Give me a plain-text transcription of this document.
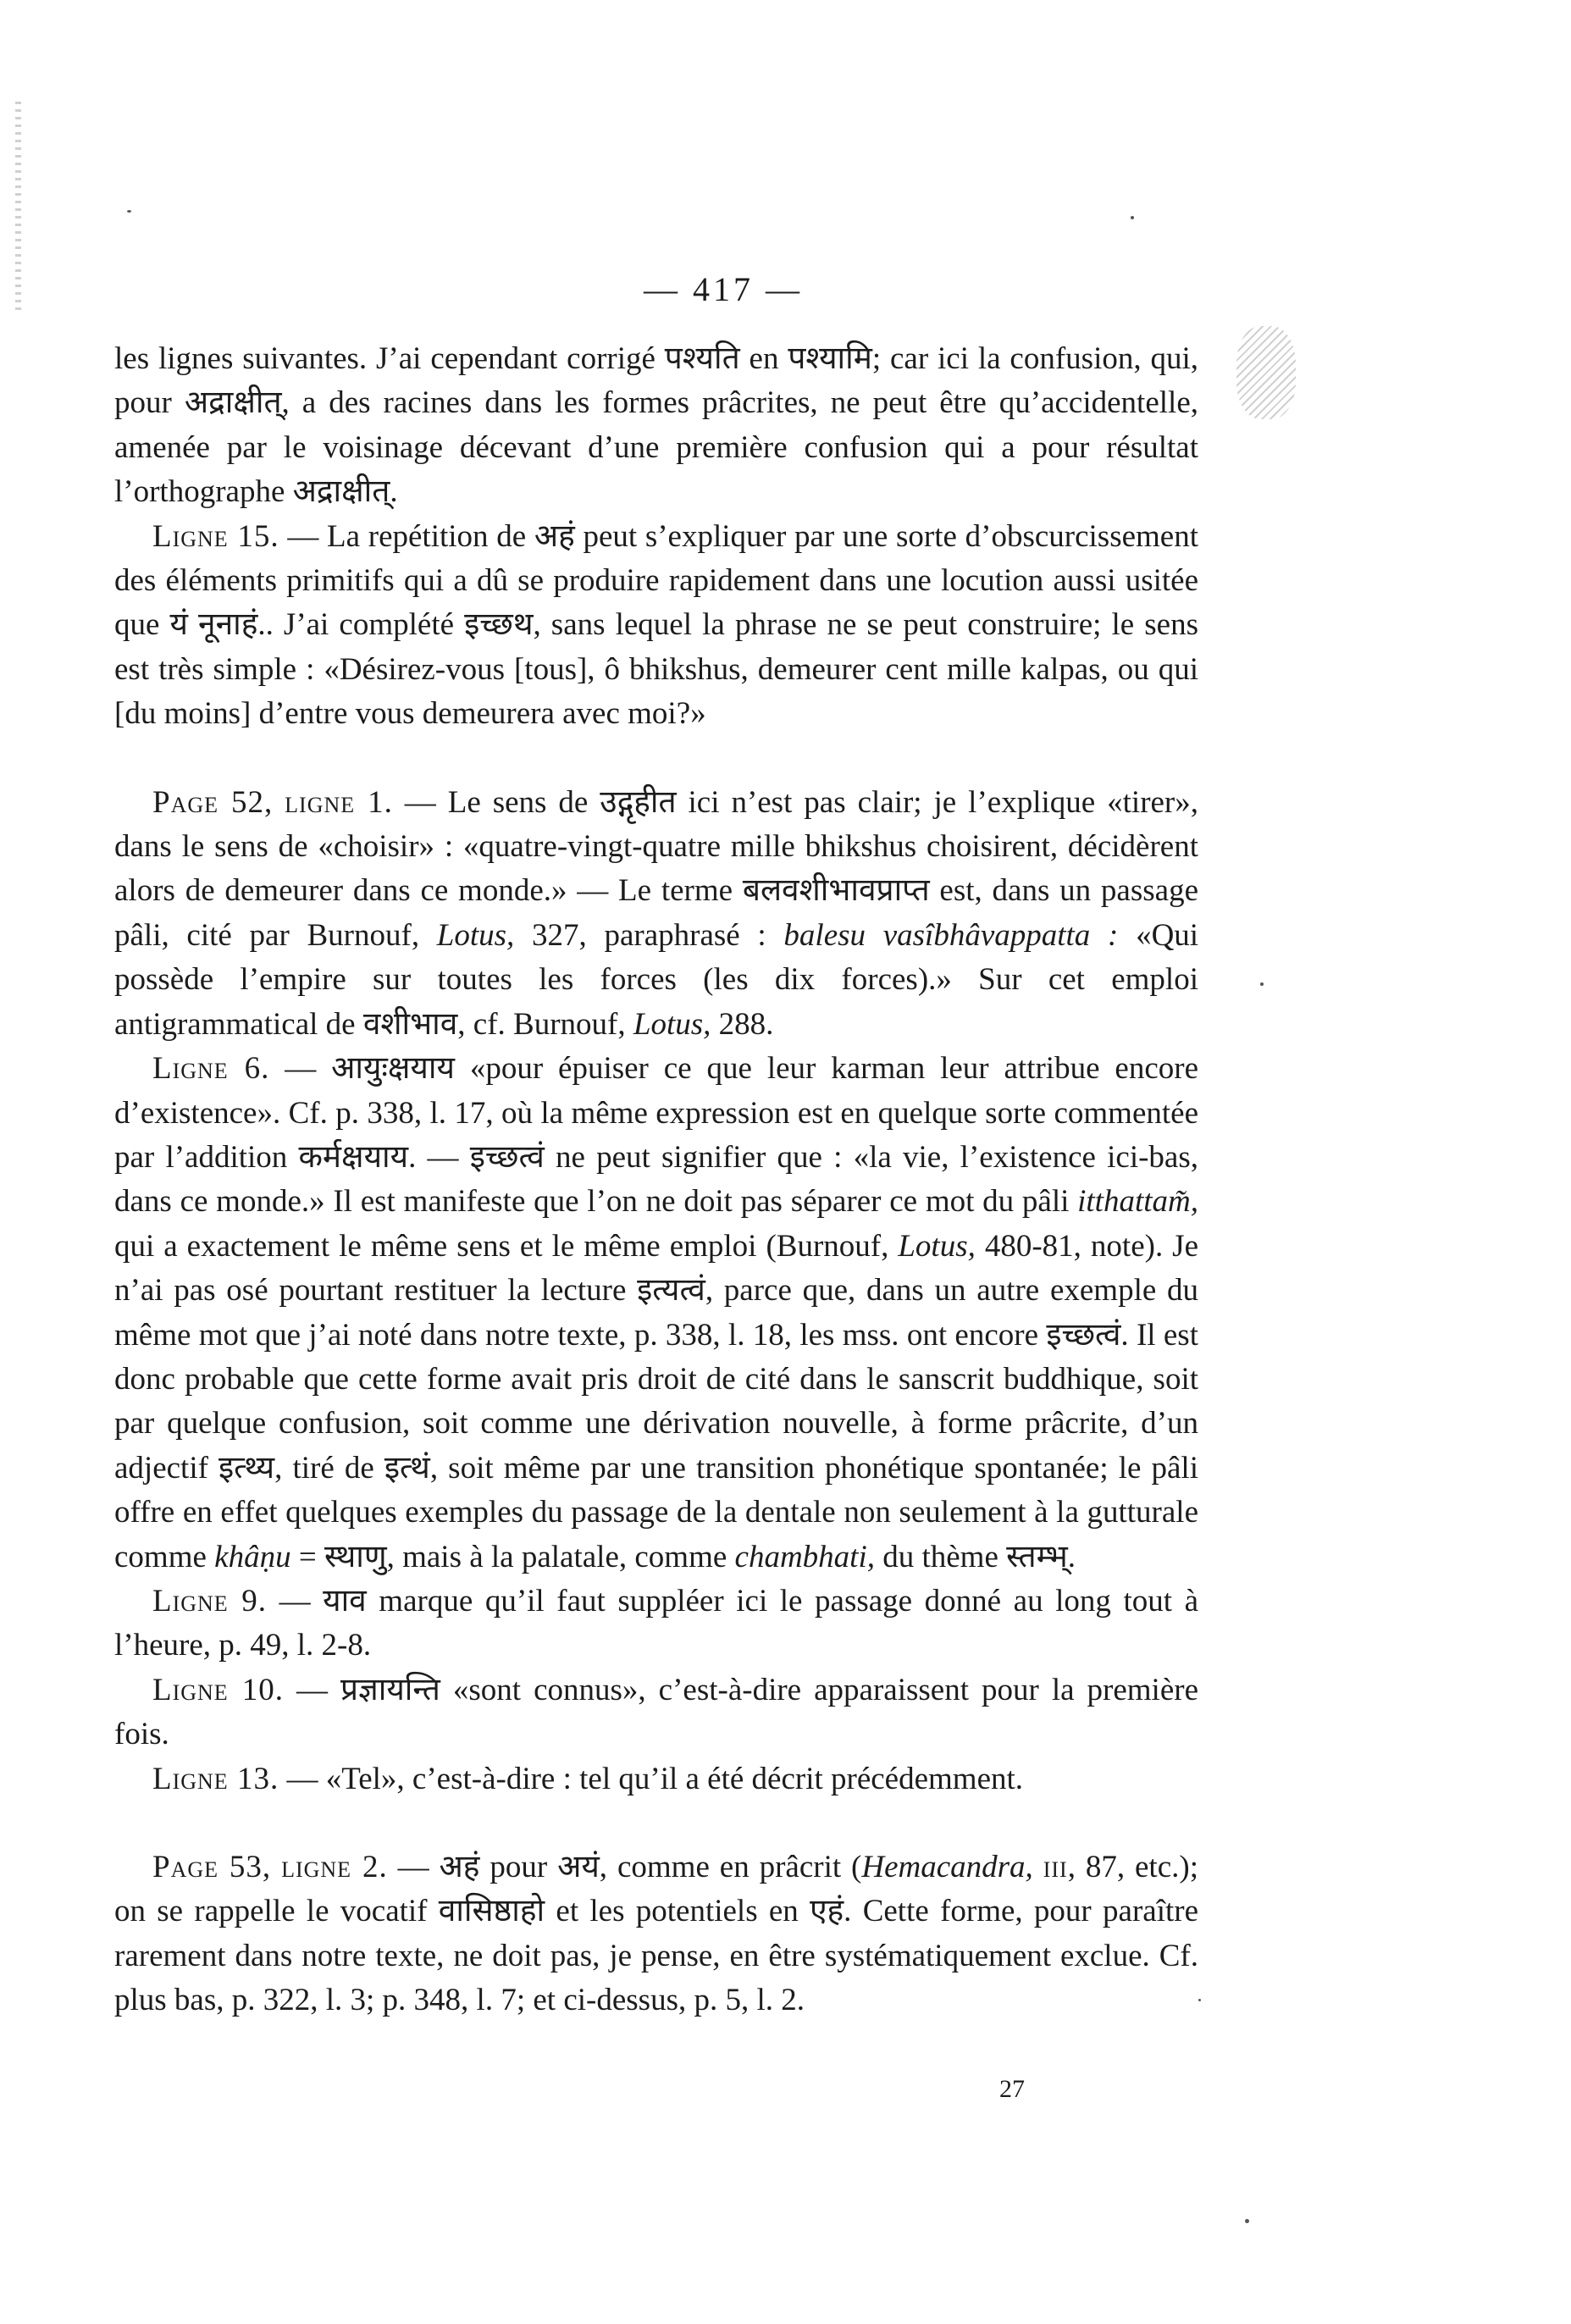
— 417 —

les lignes suivantes. J’ai cependant corrigé पश्यति en पश्यामि; car ici la confusion, qui, pour अद्राक्षीत्, a des racines dans les formes prâcrites, ne peut être qu’accidentelle, amenée par le voisinage décevant d’une première confusion qui a pour résultat l’orthographe अद्राक्षीत्.

Ligne 15. — La repétition de अहं peut s’expliquer par une sorte d’obscurcissement des éléments primitifs qui a dû se produire rapidement dans une locution aussi usitée que यं नूनाहं.. J’ai complété इच्छथ, sans lequel la phrase ne se peut construire; le sens est très simple : «Désirez-vous [tous], ô bhikshus, demeurer cent mille kalpas, ou qui [du moins] d’entre vous demeurera avec moi?»

Page 52, ligne 1. — Le sens de उद्गृहीत ici n’est pas clair; je l’explique «tirer», dans le sens de «choisir» : «quatre-vingt-quatre mille bhikshus choisirent, décidèrent alors de demeurer dans ce monde.» — Le terme बलवशीभावप्राप्त est, dans un passage pâli, cité par Burnouf, Lotus, 327, paraphrasé : balesu vasîbhâvappatta : «Qui possède l’empire sur toutes les forces (les dix forces).» Sur cet emploi antigrammatical de वशीभाव, cf. Burnouf, Lotus, 288.

Ligne 6. — आयुःक्षयाय «pour épuiser ce que leur karman leur attribue encore d’existence». Cf. p. 338, l. 17, où la même expression est en quelque sorte commentée par l’addition कर्मक्षयाय. — इच्छत्वं ne peut signifier que : «la vie, l’existence ici-bas, dans ce monde.» Il est manifeste que l’on ne doit pas séparer ce mot du pâli itthattam̃, qui a exactement le même sens et le même emploi (Burnouf, Lotus, 480-81, note). Je n’ai pas osé pourtant restituer la lecture इत्यत्वं, parce que, dans un autre exemple du même mot que j’ai noté dans notre texte, p. 338, l. 18, les mss. ont encore इच्छत्वं. Il est donc probable que cette forme avait pris droit de cité dans le sanscrit buddhique, soit par quelque confusion, soit comme une dérivation nouvelle, à forme prâcrite, d’un adjectif इत्थ्य, tiré de इत्थं, soit même par une transition phonétique spontanée; le pâli offre en effet quelques exemples du passage de la dentale non seulement à la gutturale comme khâṇu = स्थाणु, mais à la palatale, comme chambhati, du thème स्तम्भ्.

Ligne 9. — याव marque qu’il faut suppléer ici le passage donné au long tout à l’heure, p. 49, l. 2-8.

Ligne 10. — प्रज्ञायन्ति «sont connus», c’est-à-dire apparaissent pour la première fois.

Ligne 13. — «Tel», c’est-à-dire : tel qu’il a été décrit précédemment.

Page 53, ligne 2. — अहं pour अयं, comme en prâcrit (Hemacandra, iii, 87, etc.); on se rappelle le vocatif वासिष्ठाहो et les potentiels en एहं. Cette forme, pour paraître rarement dans notre texte, ne doit pas, je pense, en être systématiquement exclue. Cf. plus bas, p. 322, l. 3; p. 348, l. 7; et ci-dessus, p. 5, l. 2.

27
